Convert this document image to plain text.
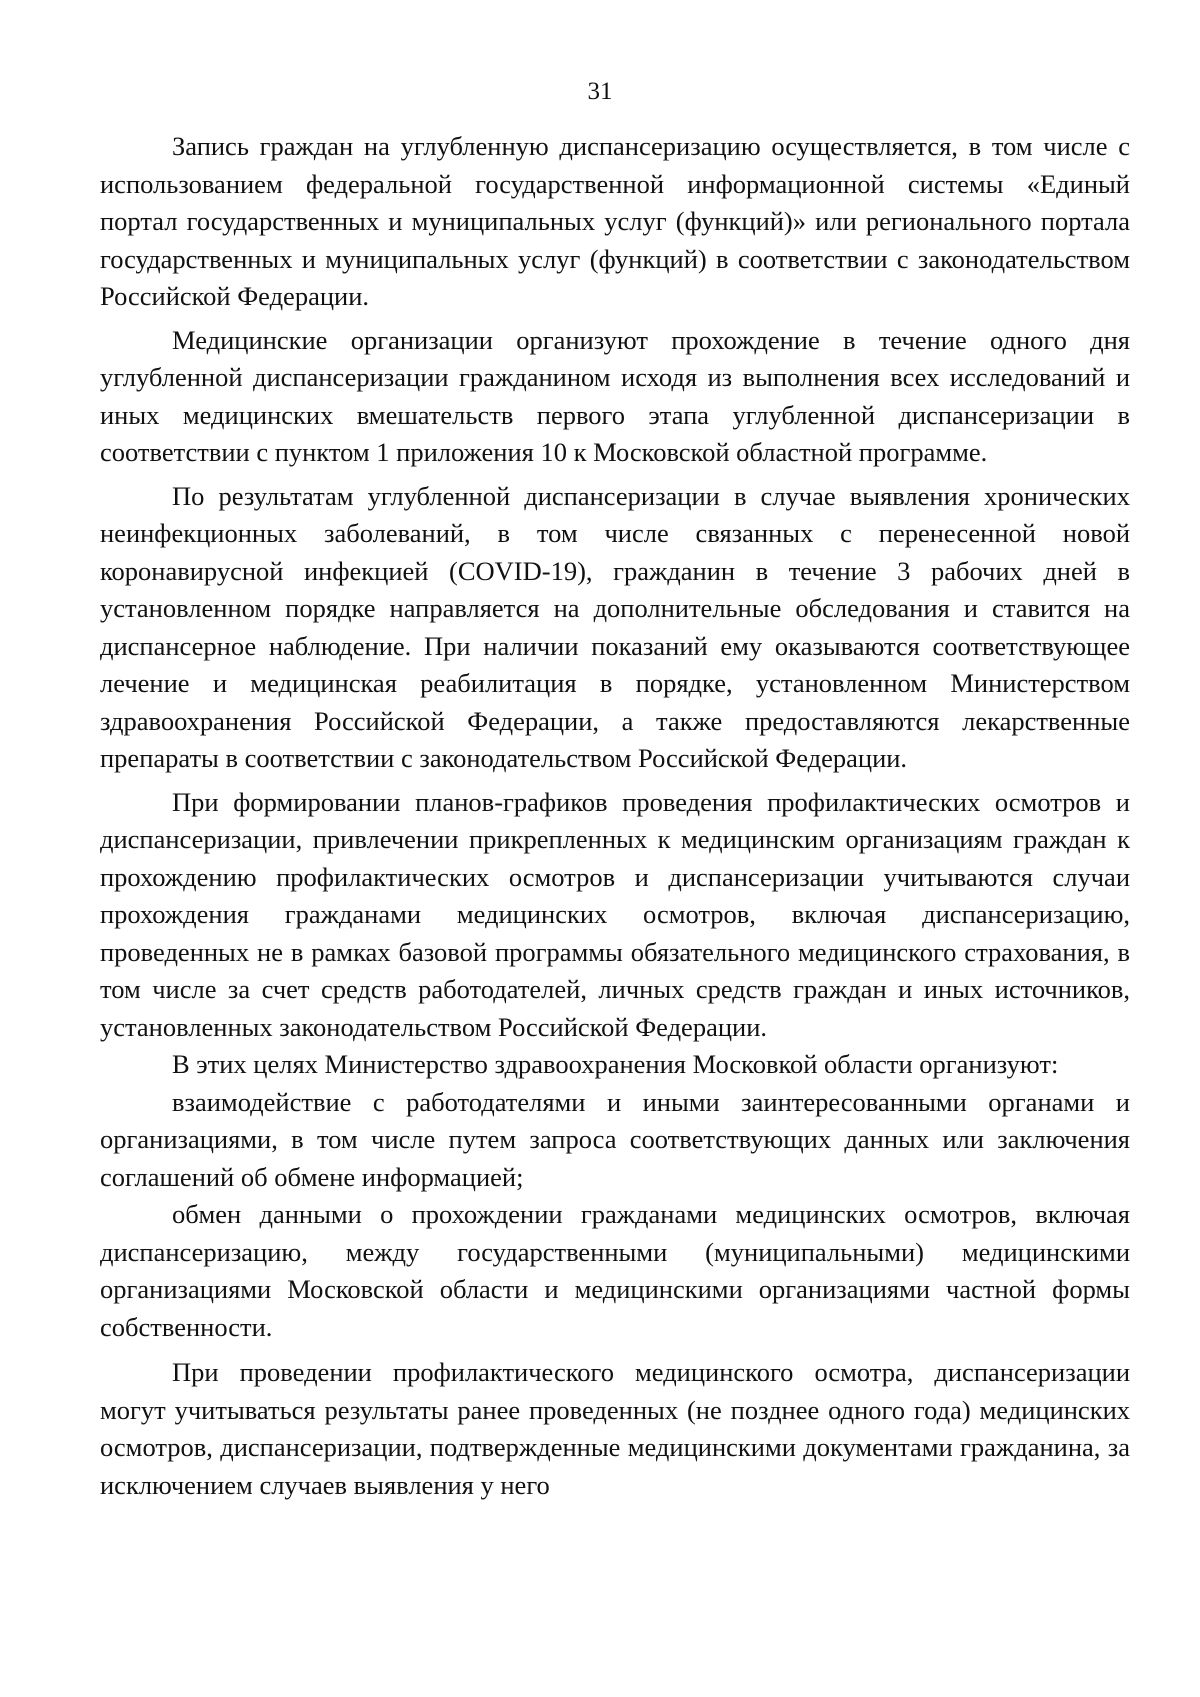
31

Запись граждан на углубленную диспансеризацию осуществляется, в том числе с использованием федеральной государственной информационной системы «Единый портал государственных и муниципальных услуг (функций)» или регионального портала государственных и муниципальных услуг (функций) в соответствии с законодательством Российской Федерации.

Медицинские организации организуют прохождение в течение одного дня углубленной диспансеризации гражданином исходя из выполнения всех исследований и иных медицинских вмешательств первого этапа углубленной диспансеризации в соответствии с пунктом 1 приложения 10 к Московской областной программе.

По результатам углубленной диспансеризации в случае выявления хронических неинфекционных заболеваний, в том числе связанных с перенесенной новой коронавирусной инфекцией (COVID-19), гражданин в течение 3 рабочих дней в установленном порядке направляется на дополнительные обследования и ставится на диспансерное наблюдение. При наличии показаний ему оказываются соответствующее лечение и медицинская реабилитация в порядке, установленном Министерством здравоохранения Российской Федерации, а также предоставляются лекарственные препараты в соответствии с законодательством Российской Федерации.

При формировании планов-графиков проведения профилактических осмотров и диспансеризации, привлечении прикрепленных к медицинским организациям граждан к прохождению профилактических осмотров и диспансеризации учитываются случаи прохождения гражданами медицинских осмотров, включая диспансеризацию, проведенных не в рамках базовой программы обязательного медицинского страхования, в том числе за счет средств работодателей, личных средств граждан и иных источников, установленных законодательством Российской Федерации.

В этих целях Министерство здравоохранения Московкой области организуют:

взаимодействие с работодателями и иными заинтересованными органами и организациями, в том числе путем запроса соответствующих данных или заключения соглашений об обмене информацией;

обмен данными о прохождении гражданами медицинских осмотров, включая диспансеризацию, между государственными (муниципальными) медицинскими организациями Московской области и медицинскими организациями частной формы собственности.

При проведении профилактического медицинского осмотра, диспансеризации могут учитываться результаты ранее проведенных (не позднее одного года) медицинских осмотров, диспансеризации, подтвержденные медицинскими документами гражданина, за исключением случаев выявления у него
